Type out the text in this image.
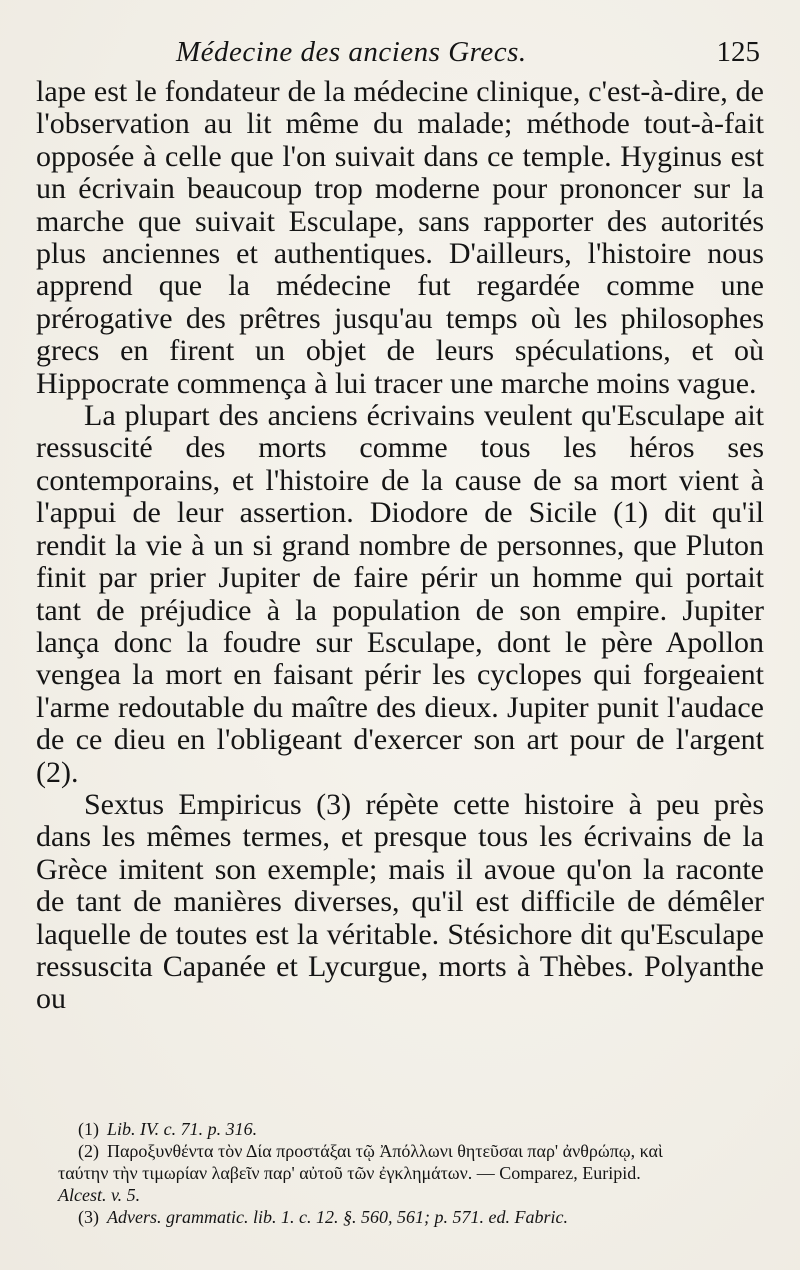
Médecine des anciens Grecs.	125

lape est le fondateur de la médecine clinique, c'est-à-dire, de l'observation au lit même du malade; méthode tout-à-fait opposée à celle que l'on suivait dans ce temple. Hyginus est un écrivain beaucoup trop moderne pour prononcer sur la marche que suivait Esculape, sans rapporter des autorités plus anciennes et authentiques. D'ailleurs, l'histoire nous apprend que la médecine fut regardée comme une prérogative des prêtres jusqu'au temps où les philosophes grecs en firent un objet de leurs spéculations, et où Hippocrate commença à lui tracer une marche moins vague.

La plupart des anciens écrivains veulent qu'Esculape ait ressuscité des morts comme tous les héros ses contemporains, et l'histoire de la cause de sa mort vient à l'appui de leur assertion. Diodore de Sicile (1) dit qu'il rendit la vie à un si grand nombre de personnes, que Pluton finit par prier Jupiter de faire périr un homme qui portait tant de préjudice à la population de son empire. Jupiter lança donc la foudre sur Esculape, dont le père Apollon vengea la mort en faisant périr les cyclopes qui forgeaient l'arme redoutable du maître des dieux. Jupiter punit l'audace de ce dieu en l'obligeant d'exercer son art pour de l'argent (2).

Sextus Empiricus (3) répète cette histoire à peu près dans les mêmes termes, et presque tous les écrivains de la Grèce imitent son exemple; mais il avoue qu'on la raconte de tant de manières diverses, qu'il est difficile de démêler laquelle de toutes est la véritable. Stésichore dit qu'Esculape ressuscita Capanée et Lycurgue, morts à Thèbes. Polyanthe ou

(1) Lib. IV. c. 71. p. 316.

(2) Παροξυνθέντα τὸν Δία προστάξαι τῷ Ἀπόλλωνι θητεῦσαι παρ' ἀνθρώπῳ, καὶ

ταύτην τὴν τιμωρίαν λαβεῖν παρ' αὐτοῦ τῶν ἐγκλημάτων. — Comparez, Euripid.

Alcest. v. 5.

(3) Advers. grammatic. lib. 1. c. 12. §. 560, 561; p. 571. ed. Fabric.
